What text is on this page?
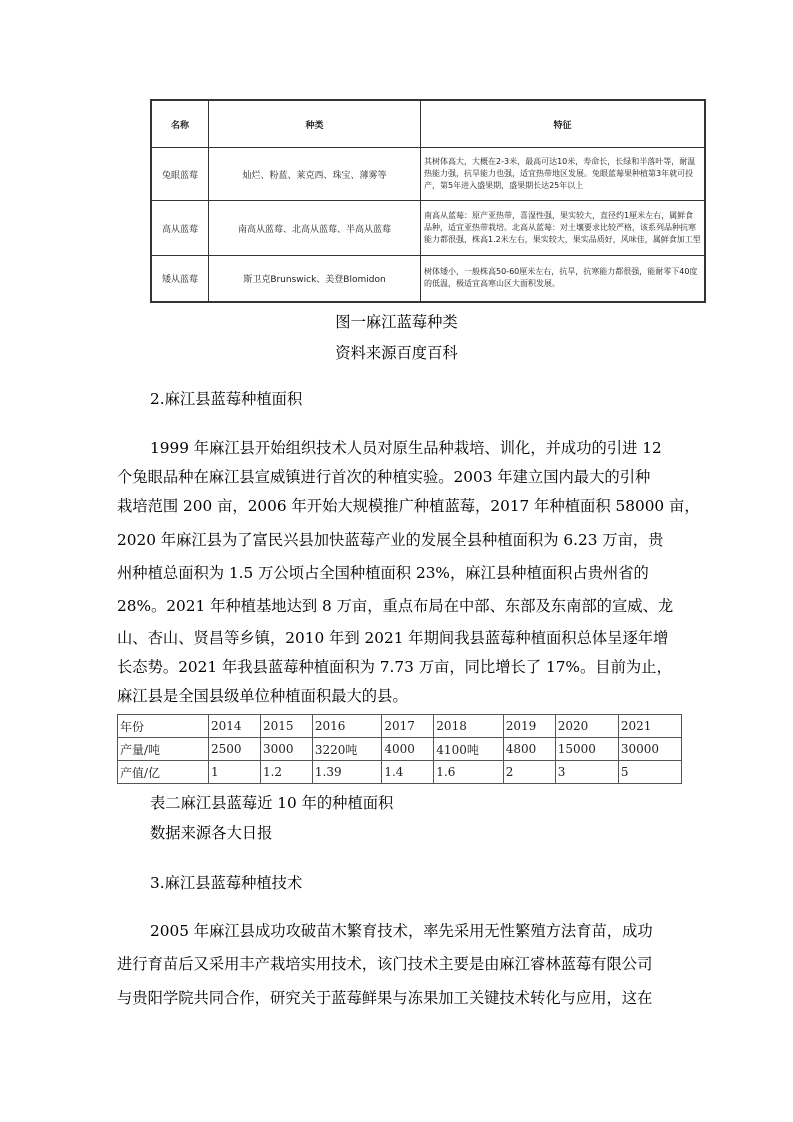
名称	种类	特征
兔眼蓝莓	灿烂、粉蓝、莱克西、珠宝、薄雾等	其树体高大，大概在2-3米，最高可达10米，寿命长，长绿和半落叶等，耐温热能力强，抗旱能力也强，适宜热带地区发展。兔眼蓝莓果种植第3年就可投产，第5年进入盛果期，盛果期长达25年以上
高从蓝莓	南高从蓝莓、北高从蓝莓、半高从蓝莓	南高从蓝莓：原产亚热带，喜湿性强，果实较大，直径约1厘米左右，属鲜食品种，适宜亚热带栽培。北高从蓝莓：对土壤要求比较严格，该系列品种抗寒能力都很强，株高1.2米左右，果实较大，果实品质好，风味佳，属鲜食加工型
矮从蓝莓	斯卫克Brunswick、美登Blomidon	树体矮小，一般株高50-60厘米左右，抗旱，抗寒能力都很强，能耐零下40度的低温，极适宜高寒山区大面积发展。
图一麻江蓝莓种类
资料来源百度百科
2.麻江县蓝莓种植面积
1999 年麻江县开始组织技术人员对原生品种栽培、训化，并成功的引进 12
个兔眼品种在麻江县宣威镇进行首次的种植实验。2003 年建立国内最大的引种
栽培范围 200 亩，2006 年开始大规模推广种植蓝莓，2017 年种植面积 58000 亩，
2020 年麻江县为了富民兴县加快蓝莓产业的发展全县种植面积为 6.23 万亩，贵
州种植总面积为 1.5 万公顷占全国种植面积 23%，麻江县种植面积占贵州省的
28%。2021 年种植基地达到 8 万亩，重点布局在中部、东部及东南部的宣威、龙
山、杏山、贤昌等乡镇，2010 年到 2021 年期间我县蓝莓种植面积总体呈逐年增
长态势。2021 年我县蓝莓种植面积为 7.73 万亩，同比增长了 17%。目前为止，
麻江县是全国县级单位种植面积最大的县。
年份	2014	2015	2016	2017	2018	2019	2020	2021
产量/吨	2500	3000	3220吨	4000	4100吨	4800	15000	30000
产值/亿	1	1.2	1.39	1.4	1.6	2	3	5
表二麻江县蓝莓近 10 年的种植面积
数据来源各大日报
3.麻江县蓝莓种植技术
2005 年麻江县成功攻破苗木繁育技术，率先采用无性繁殖方法育苗，成功
进行育苗后又采用丰产栽培实用技术，该门技术主要是由麻江睿林蓝莓有限公司
与贵阳学院共同合作，研究关于蓝莓鲜果与冻果加工关键技术转化与应用，这在
